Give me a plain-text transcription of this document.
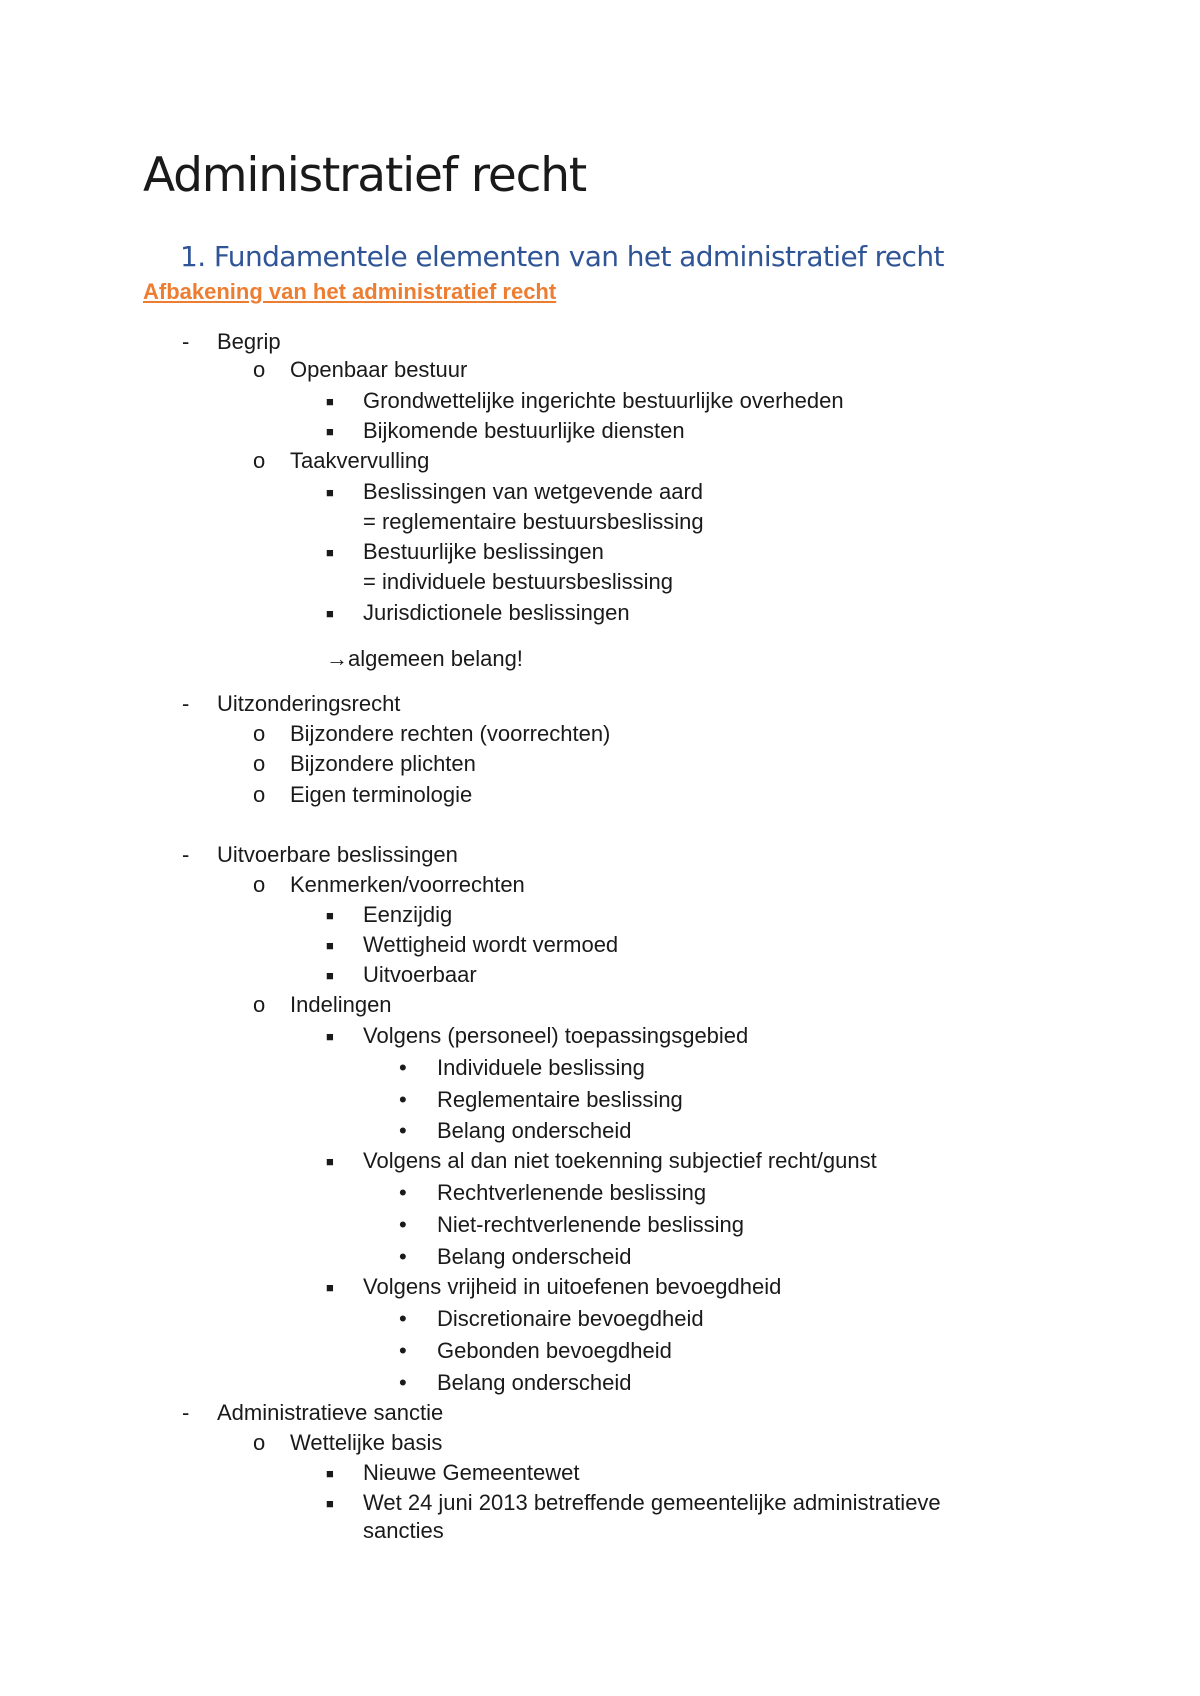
Administratief recht
1. Fundamentele elementen van het administratief recht
Afbakening van het administratief recht
- Begrip
o Openbaar bestuur
■ Grondwettelijke ingerichte bestuurlijke overheden
■ Bijkomende bestuurlijke diensten
o Taakvervulling
■ Beslissingen van wetgevende aard
= reglementaire bestuursbeslissing
■ Bestuurlijke beslissingen
= individuele bestuursbeslissing
■ Jurisdictionele beslissingen
→algemeen belang!
- Uitzonderingsrecht
o Bijzondere rechten (voorrechten)
o Bijzondere plichten
o Eigen terminologie
- Uitvoerbare beslissingen
o Kenmerken/voorrechten
■ Eenzijdig
■ Wettigheid wordt vermoed
■ Uitvoerbaar
o Indelingen
■ Volgens (personeel) toepassingsgebied
• Individuele beslissing
• Reglementaire beslissing
• Belang onderscheid
■ Volgens al dan niet toekenning subjectief recht/gunst
• Rechtverlenende beslissing
• Niet-rechtverlenende beslissing
• Belang onderscheid
■ Volgens vrijheid in uitoefenen bevoegdheid
• Discretionaire bevoegdheid
• Gebonden bevoegdheid
• Belang onderscheid
- Administratieve sanctie
o Wettelijke basis
■ Nieuwe Gemeentewet
■ Wet 24 juni 2013 betreffende gemeentelijke administratieve
sancties
